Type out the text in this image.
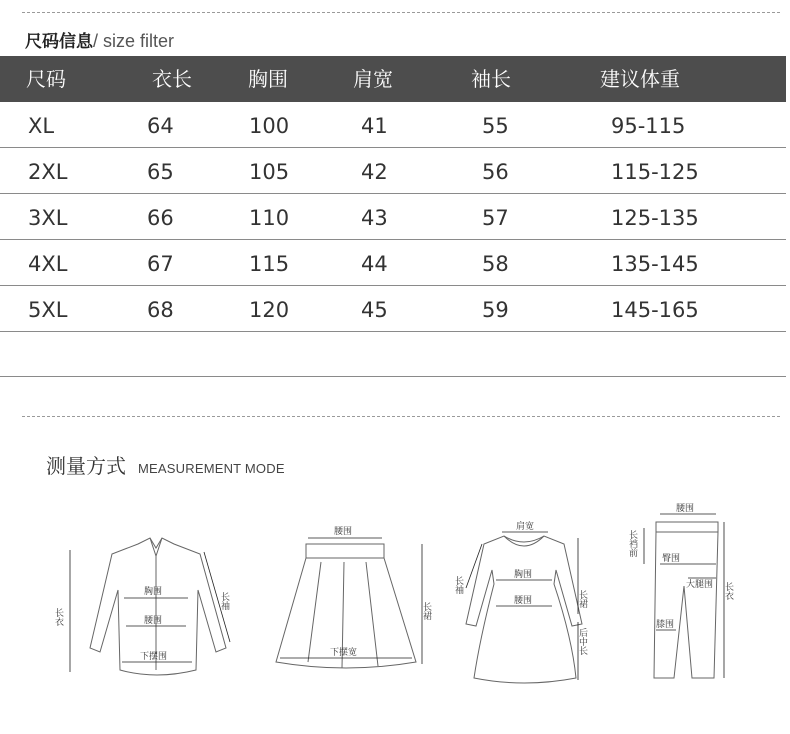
尺码信息 / size filter
尺码	衣长	胸围	肩宽	袖长	建议体重
XL	64	100	41	55	95-115
2XL	65	105	42	56	115-125
3XL	66	110	43	57	125-135
4XL	67	115	44	58	135-145
5XL	68	120	45	59	145-165
测量方式 MEASUREMENT MODE
胸围
腰围
下摆围
长衣
长袖
腰围
下摆宽
长裙
肩宽
胸围
腰围
长袖
长裙
后中长
腰围
臀围
大腿围
膝围
长裆前
长衣
